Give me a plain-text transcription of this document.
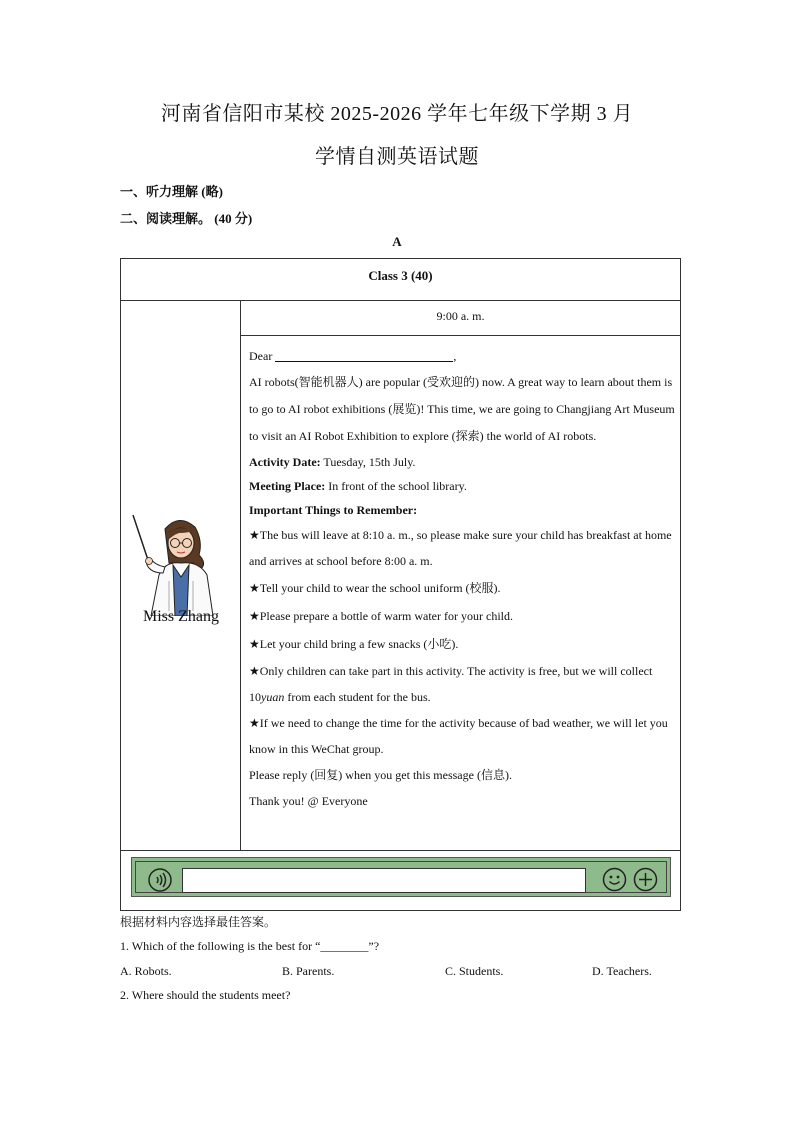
河南省信阳市某校 2025-2026 学年七年级下学期 3 月
学情自测英语试题
一、听力理解 (略)
二、阅读理解。 (40 分)
A
Class 3 (40)
Miss Zhang
9:00 a. m.

Dear	,

AI robots(智能机器人) are popular (受欢迎的) now. A great way to learn about them is to go to AI robot exhibitions (展览)! This time, we are going to Changjiang Art Museum to visit an AI Robot Exhibition to explore (探索) the world of AI robots.

Activity Date: Tuesday, 15th July.

Meeting Place: In front of the school library.

Important Things to Remember:

★The bus will leave at 8:10 a. m., so please make sure your child has breakfast at home and arrives at school before 8:00 a. m.

★Tell your child to wear the school uniform (校服).

★Please prepare a bottle of warm water for your child.

★Let your child bring a few snacks (小吃).

★Only children can take part in this activity. The activity is free, but we will collect 10yuan from each student for the bus.

★If we need to change the time for the activity because of bad weather, we will let you know in this WeChat group.

Please reply (回复) when you get this message (信息).

Thank you! @ Everyone

根据材料内容选择最佳答案。
1. Which of the following is the best for “________”?
A. Robots.	B. Parents.	C. Students.	D. Teachers.
2. Where should the students meet?
